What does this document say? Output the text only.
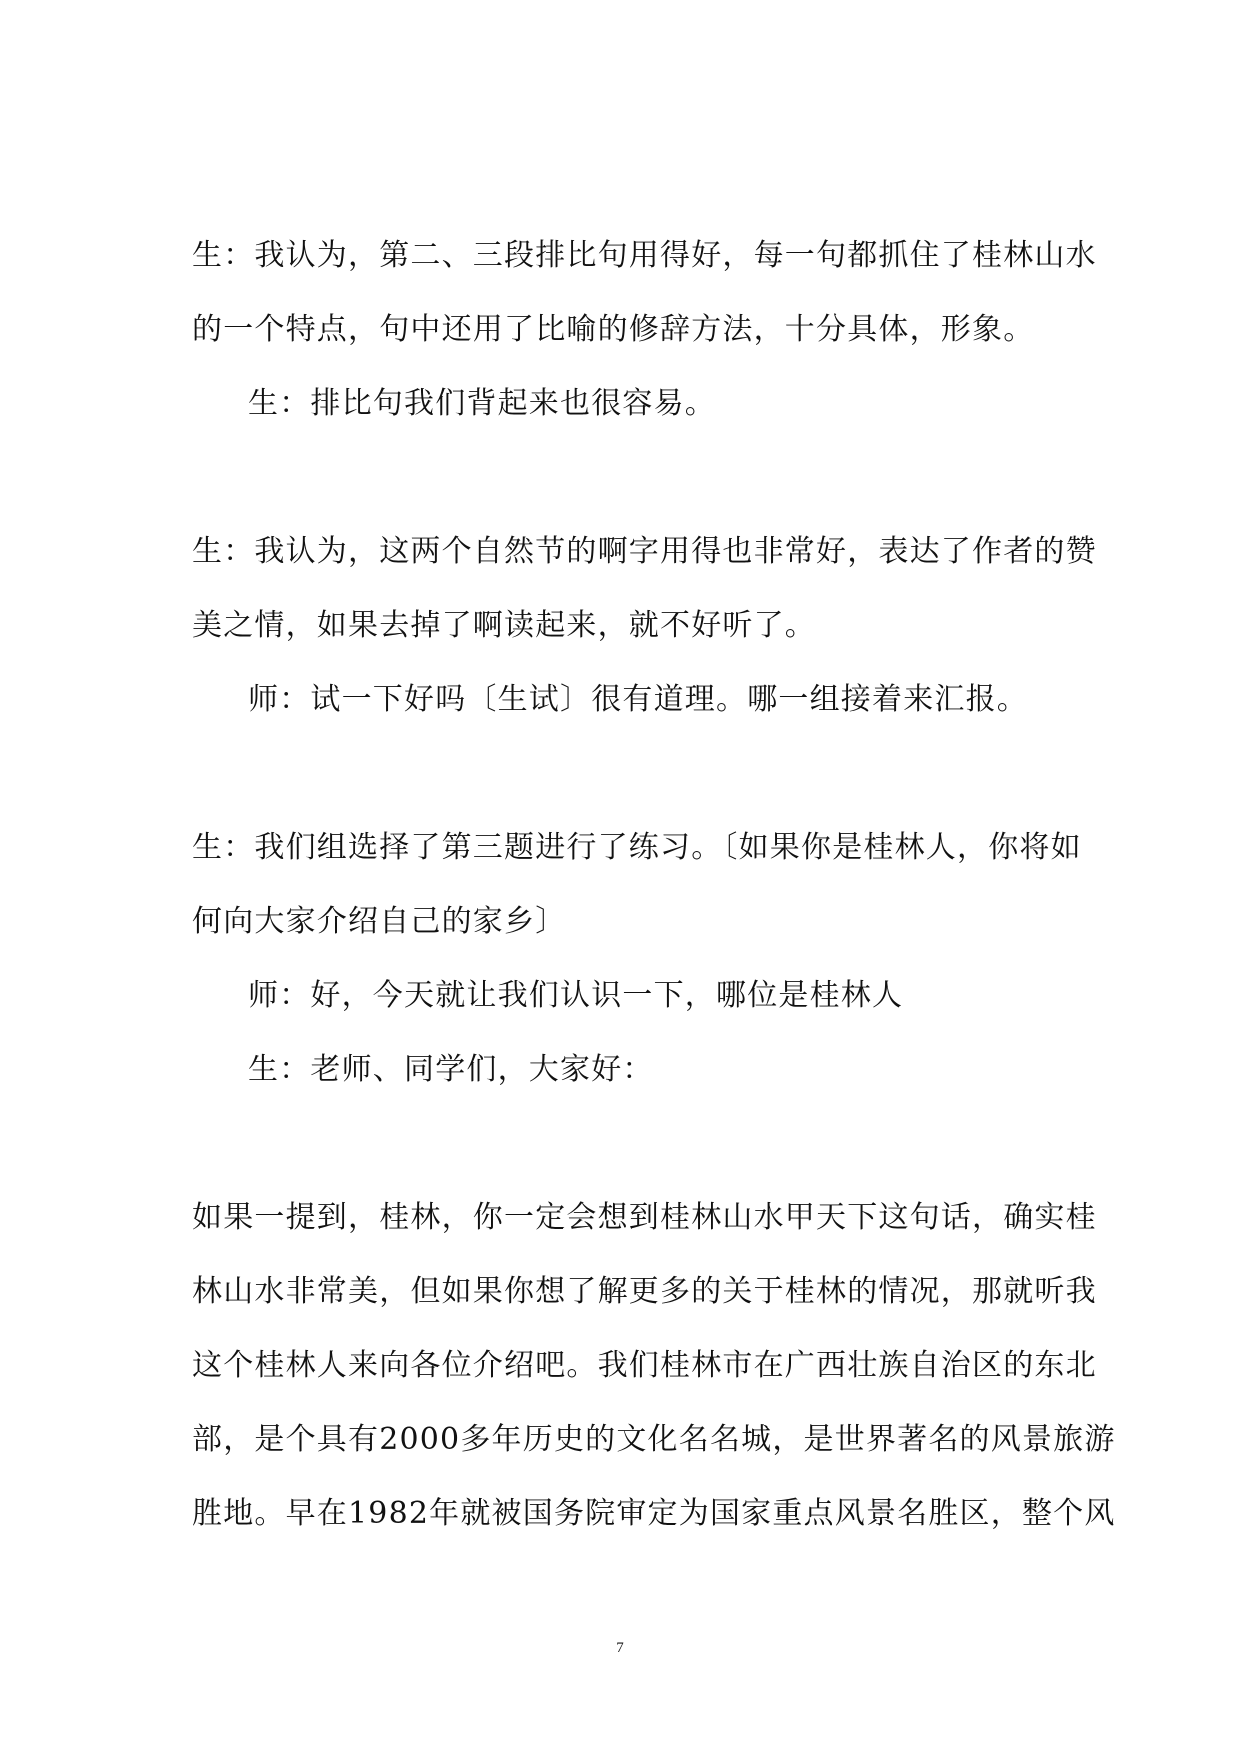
生：我认为，第二、三段排比句用得好，每一句都抓住了桂林山水
的一个特点，句中还用了比喻的修辞方法，十分具体，形象。
生：排比句我们背起来也很容易。
生：我认为，这两个自然节的啊字用得也非常好，表达了作者的赞
美之情，如果去掉了啊读起来，就不好听了。
师：试一下好吗〔生试〕很有道理。哪一组接着来汇报。
生：我们组选择了第三题进行了练习。〔如果你是桂林人，你将如
何向大家介绍自己的家乡〕
师：好，今天就让我们认识一下，哪位是桂林人
生：老师、同学们，大家好：
如果一提到，桂林，你一定会想到桂林山水甲天下这句话，确实桂
林山水非常美，但如果你想了解更多的关于桂林的情况，那就听我
这个桂林人来向各位介绍吧。我们桂林市在广西壮族自治区的东北
部，是个具有2000多年历史的文化名名城，是世界著名的风景旅游
胜地。早在1982年就被国务院审定为国家重点风景名胜区，整个风
7
